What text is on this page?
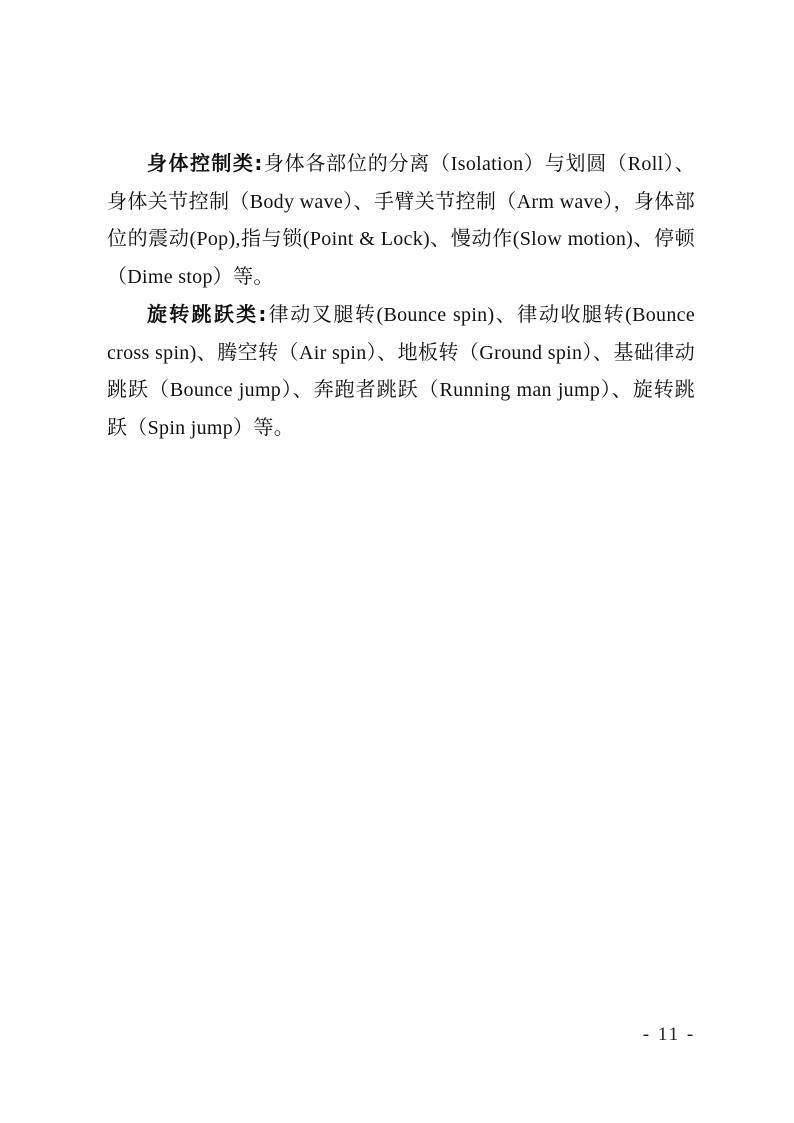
身体控制类:身体各部位的分离（Isolation）与划圆（Roll）、身体关节控制（Body wave）、手臂关节控制（Arm wave），身体部位的震动(Pop),指与锁(Point & Lock)、慢动作(Slow motion)、停顿（Dime stop）等。

旋转跳跃类:律动叉腿转(Bounce spin)、律动收腿转(Bounce cross spin)、腾空转（Air spin）、地板转（Ground spin）、基础律动跳跃（Bounce jump）、奔跑者跳跃（Running man jump）、旋转跳跃（Spin jump）等。

- 11 -
